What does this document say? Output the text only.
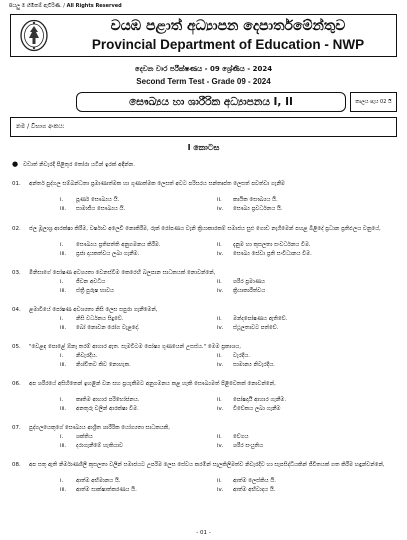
සියලු ම හිමිකම් ඇවිරිණි. / All Rights Reserved
වයඹ පළාත් අධ්‍යාපන දෙපාර්තමේන්තුව
Provincial Department of Education - NWP
දෙවන වාර පරීක්ෂණය - 09 ශ්‍රේණිය - 2024
Second Term Test - Grade 09 - 2024
සෞඛ්‍යය හා ශාරීරික අධ්‍යාපනය I, II	කාලය පැය 02 යි
නම / විභාග අංකය:
I කොටස
● වඩාත් නිවැරදි පිළිතුර තෝරා යටින් ඉරක් අඳින්න.
01. අන්තර් පුද්ගල සම්බන්ධතා ප්‍රමාණාත්මක හා ගුණාත්මක ලෙසත් අවට පරිසරය සන්තෘප්ත ලෙසත් පවත්වා ගැනීම
i. පූර්ණ සෞඛ්‍යය යි.	ii. කායික සෞඛ්‍යය යි.
iii. සාමාජීය සෞඛ්‍යය යි.	iv. සෞඛ්‍ය ප්‍රවර්ධනය යි.
02. ජල මූලාශ්‍ර ආරක්ෂා කිරීම, වර්ෂාව අලෙවි නොකිරීම, රුක් රෝපණය වැනි ක්‍රියාකාරකම් සමාජය සුළු ගොඩ නැගීමෙන් පහළ බිළිදේ ප්‍රධාන ප්‍රතිඵලය වනුයේ,
i. සෞඛ්‍යය ප්‍රතිපත්ති අනුගමනය කිරීම.	ii. දැනුම හා කුසලතා සංවර්ධනය වීම.
iii. ප්‍රජා දායකත්වය ලබා ගැනීම.	iv. සෞඛ්‍ය සේවා ප්‍රති සංවිධානය වීම.
03. මිනිසාගේ පෝෂණ අවශ්‍යතා වෙනස්වීම කෙරෙහි බලපාන සාධකයක් නොවන්නේ,
i. ජීවන අවධිය	ii. ශරීර ප්‍රමාණය
iii. ස්ත්‍රී පුරුෂ භාවය	iv. ක්‍රියාකාරීත්වය
04. ළමාවියේ පෝෂණ අවශ්‍යතා නිසි ලෙස සපුරා ගැනීමෙන්,
i. නිසි වර්ධනය සිදුවේ.	ii. මන්දපෝෂණය ඇතිවේ.
iii. බෝ නොවන රෝග වැළදේ.	iv. ස්ථූලතාවට පත්වේ.
05. "වෙළඳ පොළේ ඕනෑ තරම් ආහාර ඇත. සැමවිටම පෝෂ්‍ය ගුණයෙන් උසස්ය." මෙම ප්‍රකාශය,
i. නිවැරදිය.	ii. වැරදිය.
iii. නිශ්චිතව කිව නොහැක.	iv. සාමාන්‍ය නිවැරදිය.
06. අප ශරීරයේ අසිහිතෙන් ඉහළින් වන සහ ප්‍රයැකීමට අනුගමනය කළ හැකි සෞඛ්‍යමත් පිළිවෙතක් නොවන්නේ,
i. කෘතිම ආහාර පරිභෝජනය.	ii. පෝෂදායී ආහාර ගැනීම.
iii. අනතුරු වලින් ආරක්ෂා වීම.	iv. විවේකය ලබා ගැනීම
07. පුද්ගලයෙකුගේ සෞඛ්‍යය ආශ්‍රිත ශාරීරික යෝග්‍යතා සාධකයකි,
i. ශක්තිය	ii. වේගය
iii. දරාගැනීමේ හැකියාව	iv. ශරීර සංයුතිය
08. අප සතු ඇති නිර්මාණශීලී කුසලතා වලින් සමාජයට උපරිම ලෙස සේවය කරමින් සැලකිලිමත්ව නිවැරදිව හා සැපසිද්ධියකින් ජීවිතයක් ගත කිරීම හඳුන්වන්නේ,
i. ආත්ම අභිමානය යි.	ii. ආත්ම ලෙස්කිය යි.
iii. ආත්ම සාක්ෂාත්කරණය යි.	iv. ආත්ම අභිවාදය යි.
- 01 -
